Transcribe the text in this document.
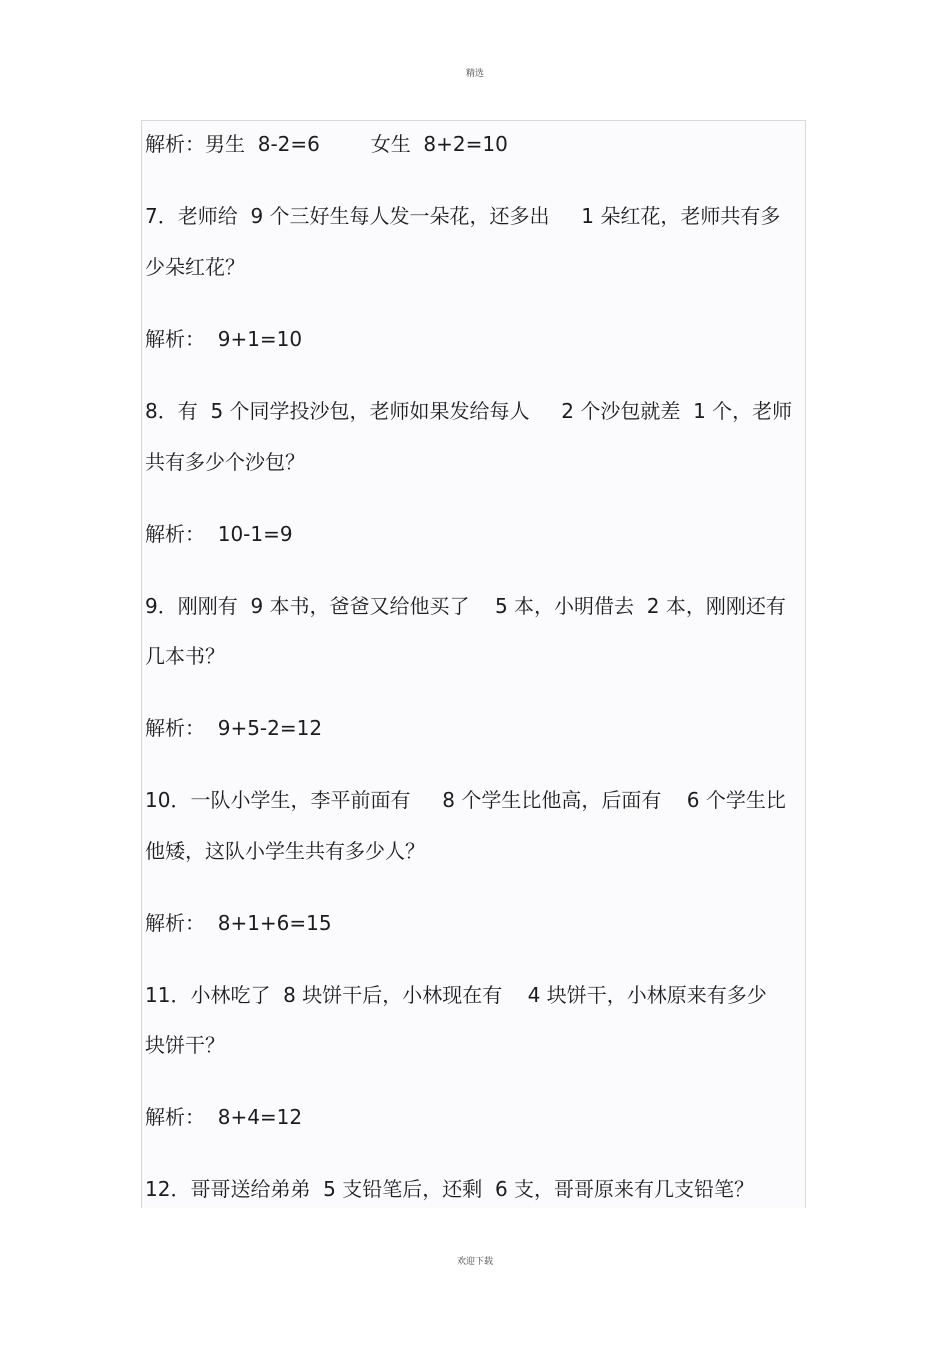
精选
解析：男生  8-2=6        女生  8+2=10
7．老师给  9 个三好生每人发一朵花，还多出     1 朵红花，老师共有多
少朵红花？
解析：  9+1=10
8．有  5 个同学投沙包，老师如果发给每人     2 个沙包就差  1 个，老师
共有多少个沙包？
解析：  10-1=9
9．刚刚有  9 本书，爸爸又给他买了    5 本，小明借去  2 本，刚刚还有
几本书？
解析：  9+5-2=12
10．一队小学生，李平前面有     8 个学生比他高，后面有    6 个学生比
他矮，这队小学生共有多少人？
解析：  8+1+6=15
11．小林吃了  8 块饼干后，小林现在有    4 块饼干，小林原来有多少
块饼干？
解析：  8+4=12
12．哥哥送给弟弟  5 支铅笔后，还剩  6 支，哥哥原来有几支铅笔？
欢迎下载
